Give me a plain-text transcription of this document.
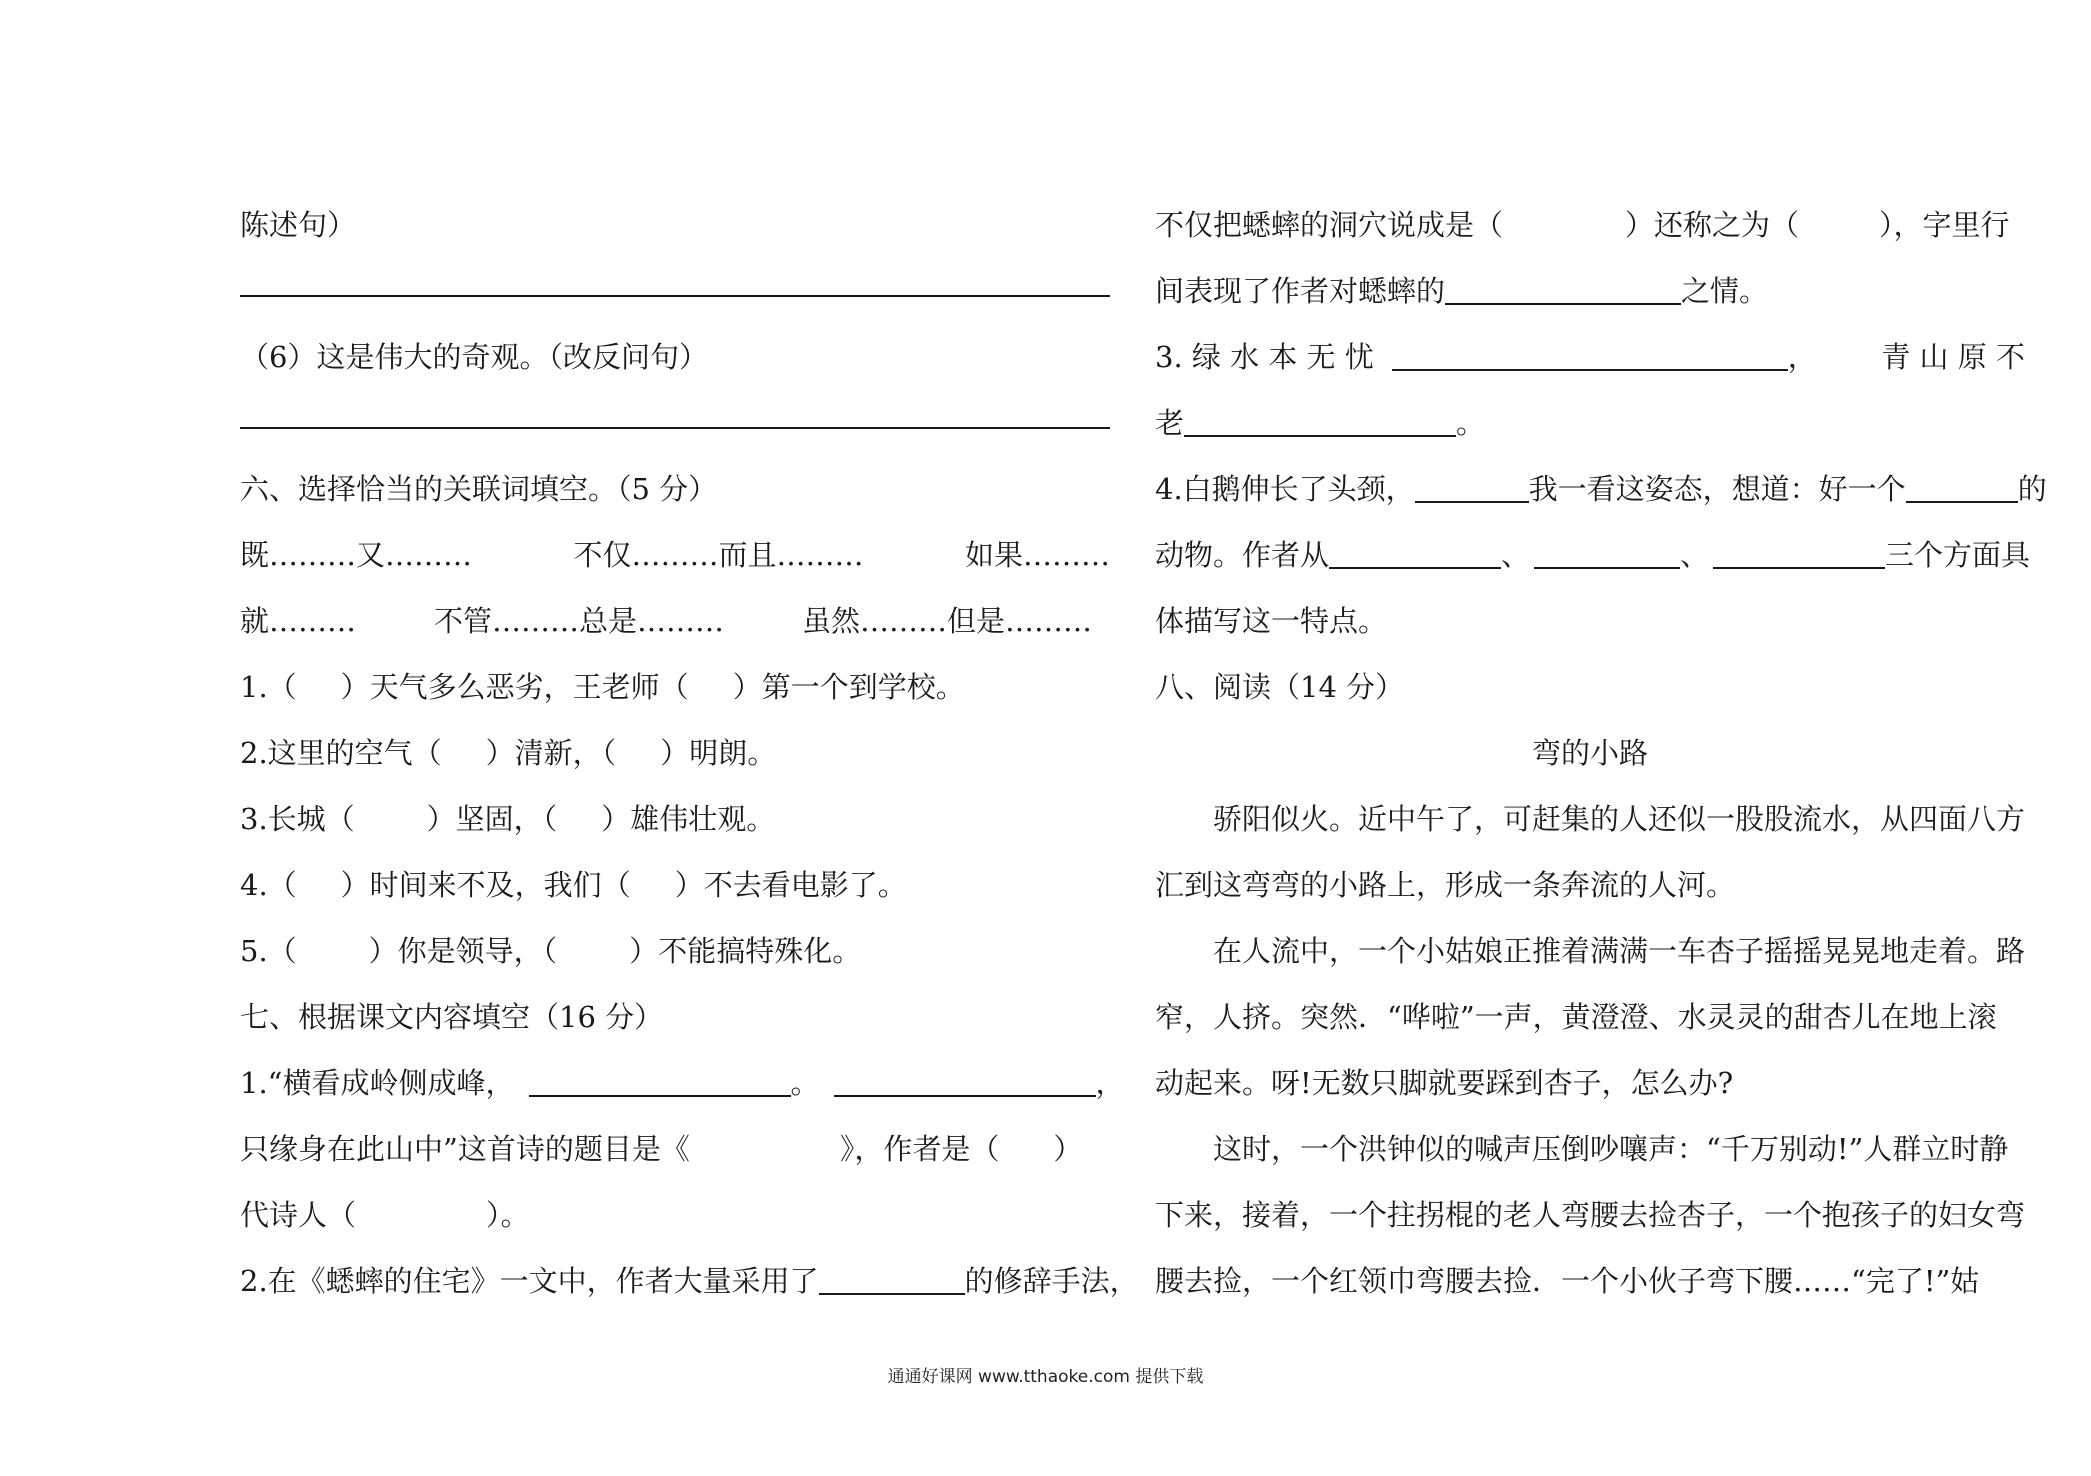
陈述句）
（6）这是伟大的奇观。（改反问句）
六、选择恰当的关联词填空。（5 分）
既………又………	不仅………而且………	如果………
就………	不管………总是………	虽然………但是………
1.（ ）天气多么恶劣，王老师（ ）第一个到学校。
2.这里的空气（ ）清新，（ ）明朗。
3.长城（ ）坚固，（ ）雄伟壮观。
4.（ ）时间来不及，我们（ ）不去看电影了。
5.（ ）你是领导，（ ）不能搞特殊化。
七、根据课文内容填空（16 分）
1.“横看成岭侧成峰，	。	，
只缘身在此山中”这首诗的题目是《	》，作者是（ ）
代诗人（	）。
2.在《蟋蟀的住宅》一文中，作者大量采用了	的修辞手法，
不仅把蟋蟀的洞穴说成是（	）还称之为（	），字里行
间表现了作者对蟋蟀的	之情。
3. 绿 水 本 无 忧	， 青 山 原 不
老	。
4.白鹅伸长了头颈，	我一看这姿态，想道：好一个	的
动物。作者从	、	、	三个方面具
体描写这一特点。
八、阅读（14 分）
弯的小路
骄阳似火。近中午了，可赶集的人还似一股股流水，从四面八方
汇到这弯弯的小路上，形成一条奔流的人河。
在人流中，一个小姑娘正推着满满一车杏子摇摇晃晃地走着。路
窄，人挤。突然．“哗啦”一声，黄澄澄、水灵灵的甜杏儿在地上滚
动起来。呀!无数只脚就要踩到杏子，怎么办?
这时，一个洪钟似的喊声压倒吵嚷声：“千万别动!”人群立时静
下来，接着，一个拄拐棍的老人弯腰去捡杏子，一个抱孩子的妇女弯
腰去捡，一个红领巾弯腰去捡．一个小伙子弯下腰……“完了!”姑
通通好课网 www.tthaoke.com 提供下载
